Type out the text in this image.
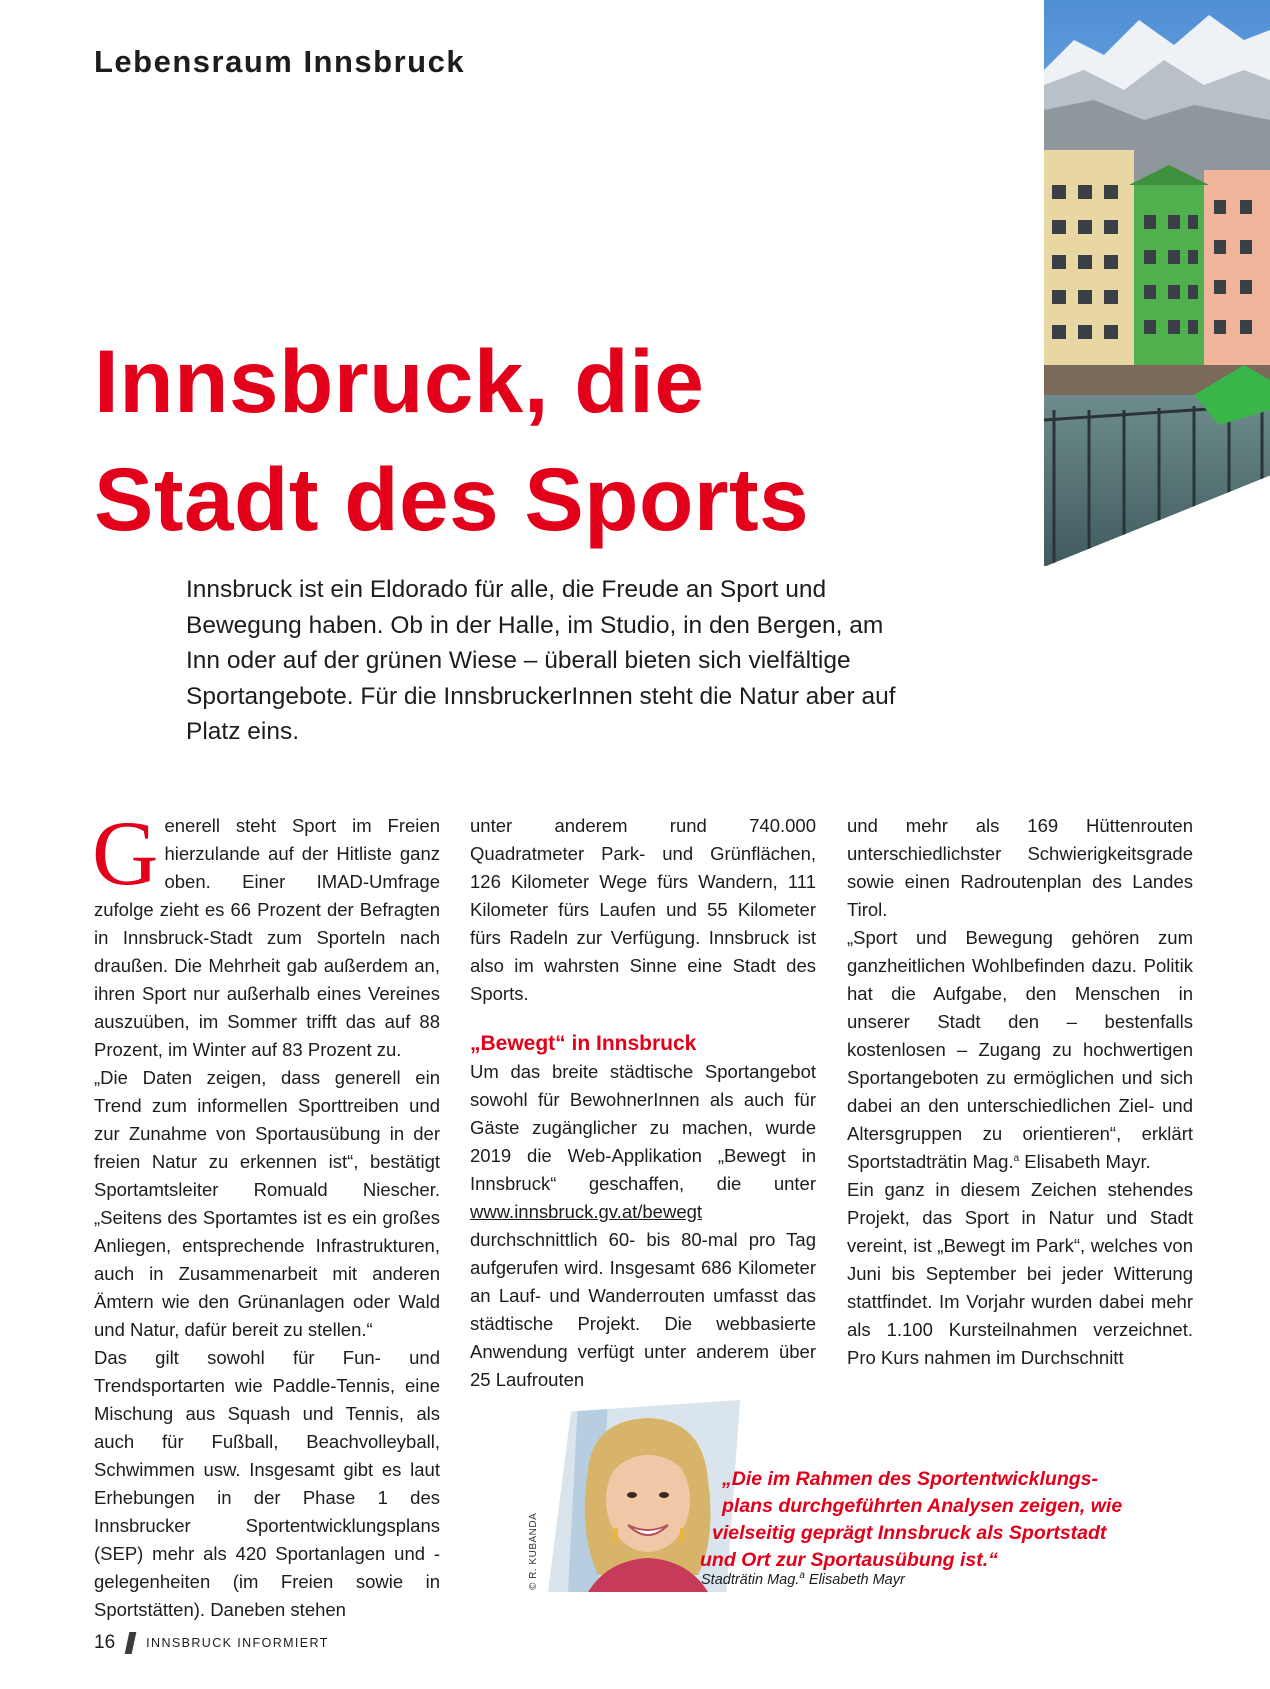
Lebensraum Innsbruck
Innsbruck, die
Stadt des Sports

Innsbruck ist ein Eldorado für alle, die Freude an Sport und Bewegung haben. Ob in der Halle, im Studio, in den Bergen, am Inn oder auf der grünen Wiese – überall bieten sich vielfältige Sportangebote. Für die InnsbruckerInnen steht die Natur aber auf Platz eins.

Generell steht Sport im Freien hierzulande auf der Hitliste ganz oben. Einer IMAD-Umfrage zufolge zieht es 66 Prozent der Befragten in Innsbruck-Stadt zum Sporteln nach draußen. Die Mehrheit gab außerdem an, ihren Sport nur außerhalb eines Vereines auszuüben, im Sommer trifft das auf 88 Prozent, im Winter auf 83 Prozent zu.

„Die Daten zeigen, dass generell ein Trend zum informellen Sporttreiben und zur Zunahme von Sportausübung in der freien Natur zu erkennen ist“, bestätigt Sportamtsleiter Romuald Niescher. „Seitens des Sportamtes ist es ein großes Anliegen, entsprechende Infrastrukturen, auch in Zusammenarbeit mit anderen Ämtern wie den Grünanlagen oder Wald und Natur, dafür bereit zu stellen.“

Das gilt sowohl für Fun- und Trendsportarten wie Paddle-Tennis, eine Mischung aus Squash und Tennis, als auch für Fußball, Beachvolleyball, Schwimmen usw. Insgesamt gibt es laut Erhebungen in der Phase 1 des Innsbrucker Sportentwicklungsplans (SEP) mehr als 420 Sportanlagen und -gelegenheiten (im Freien sowie in Sportstätten). Daneben stehen

unter anderem rund 740.000 Quadratmeter Park- und Grünflächen, 126 Kilometer Wege fürs Wandern, 111 Kilometer fürs Laufen und 55 Kilometer fürs Radeln zur Verfügung. Innsbruck ist also im wahrsten Sinne eine Stadt des Sports.

„Bewegt“ in Innsbruck

Um das breite städtische Sportangebot sowohl für BewohnerInnen als auch für Gäste zugänglicher zu machen, wurde 2019 die Web-Applikation „Bewegt in Innsbruck“ geschaffen, die unter www.innsbruck.gv.at/bewegt durchschnittlich 60- bis 80-mal pro Tag aufgerufen wird. Insgesamt 686 Kilometer an Lauf- und Wanderrouten umfasst das städtische Projekt. Die webbasierte Anwendung verfügt unter anderem über 25 Laufrouten

und mehr als 169 Hüttenrouten unterschiedlichster Schwierigkeitsgrade sowie einen Radroutenplan des Landes Tirol.

„Sport und Bewegung gehören zum ganzheitlichen Wohlbefinden dazu. Politik hat die Aufgabe, den Menschen in unserer Stadt den – bestenfalls kostenlosen – Zugang zu hochwertigen Sportangeboten zu ermöglichen und sich dabei an den unterschiedlichen Ziel- und Altersgruppen zu orientieren“, erklärt Sportstadträtin Mag.$^a$ Elisabeth Mayr.

Ein ganz in diesem Zeichen stehendes Projekt, das Sport in Natur und Stadt vereint, ist „Bewegt im Park“, welches von Juni bis September bei jeder Witterung stattfindet. Im Vorjahr wurden dabei mehr als 1.100 Kursteilnahmen verzeichnet. Pro Kurs nahmen im Durchschnitt

© R. KUBANDA
„Die im Rahmen des Sportentwicklungs-
plans durchgeführten Analysen zeigen, wie
vielseitig geprägt Innsbruck als Sportstadt
und Ort zur Sportausübung ist.“
Stadträtin Mag.$^a$ Elisabeth Mayr
16 INNSBRUCK INFORMIERT
